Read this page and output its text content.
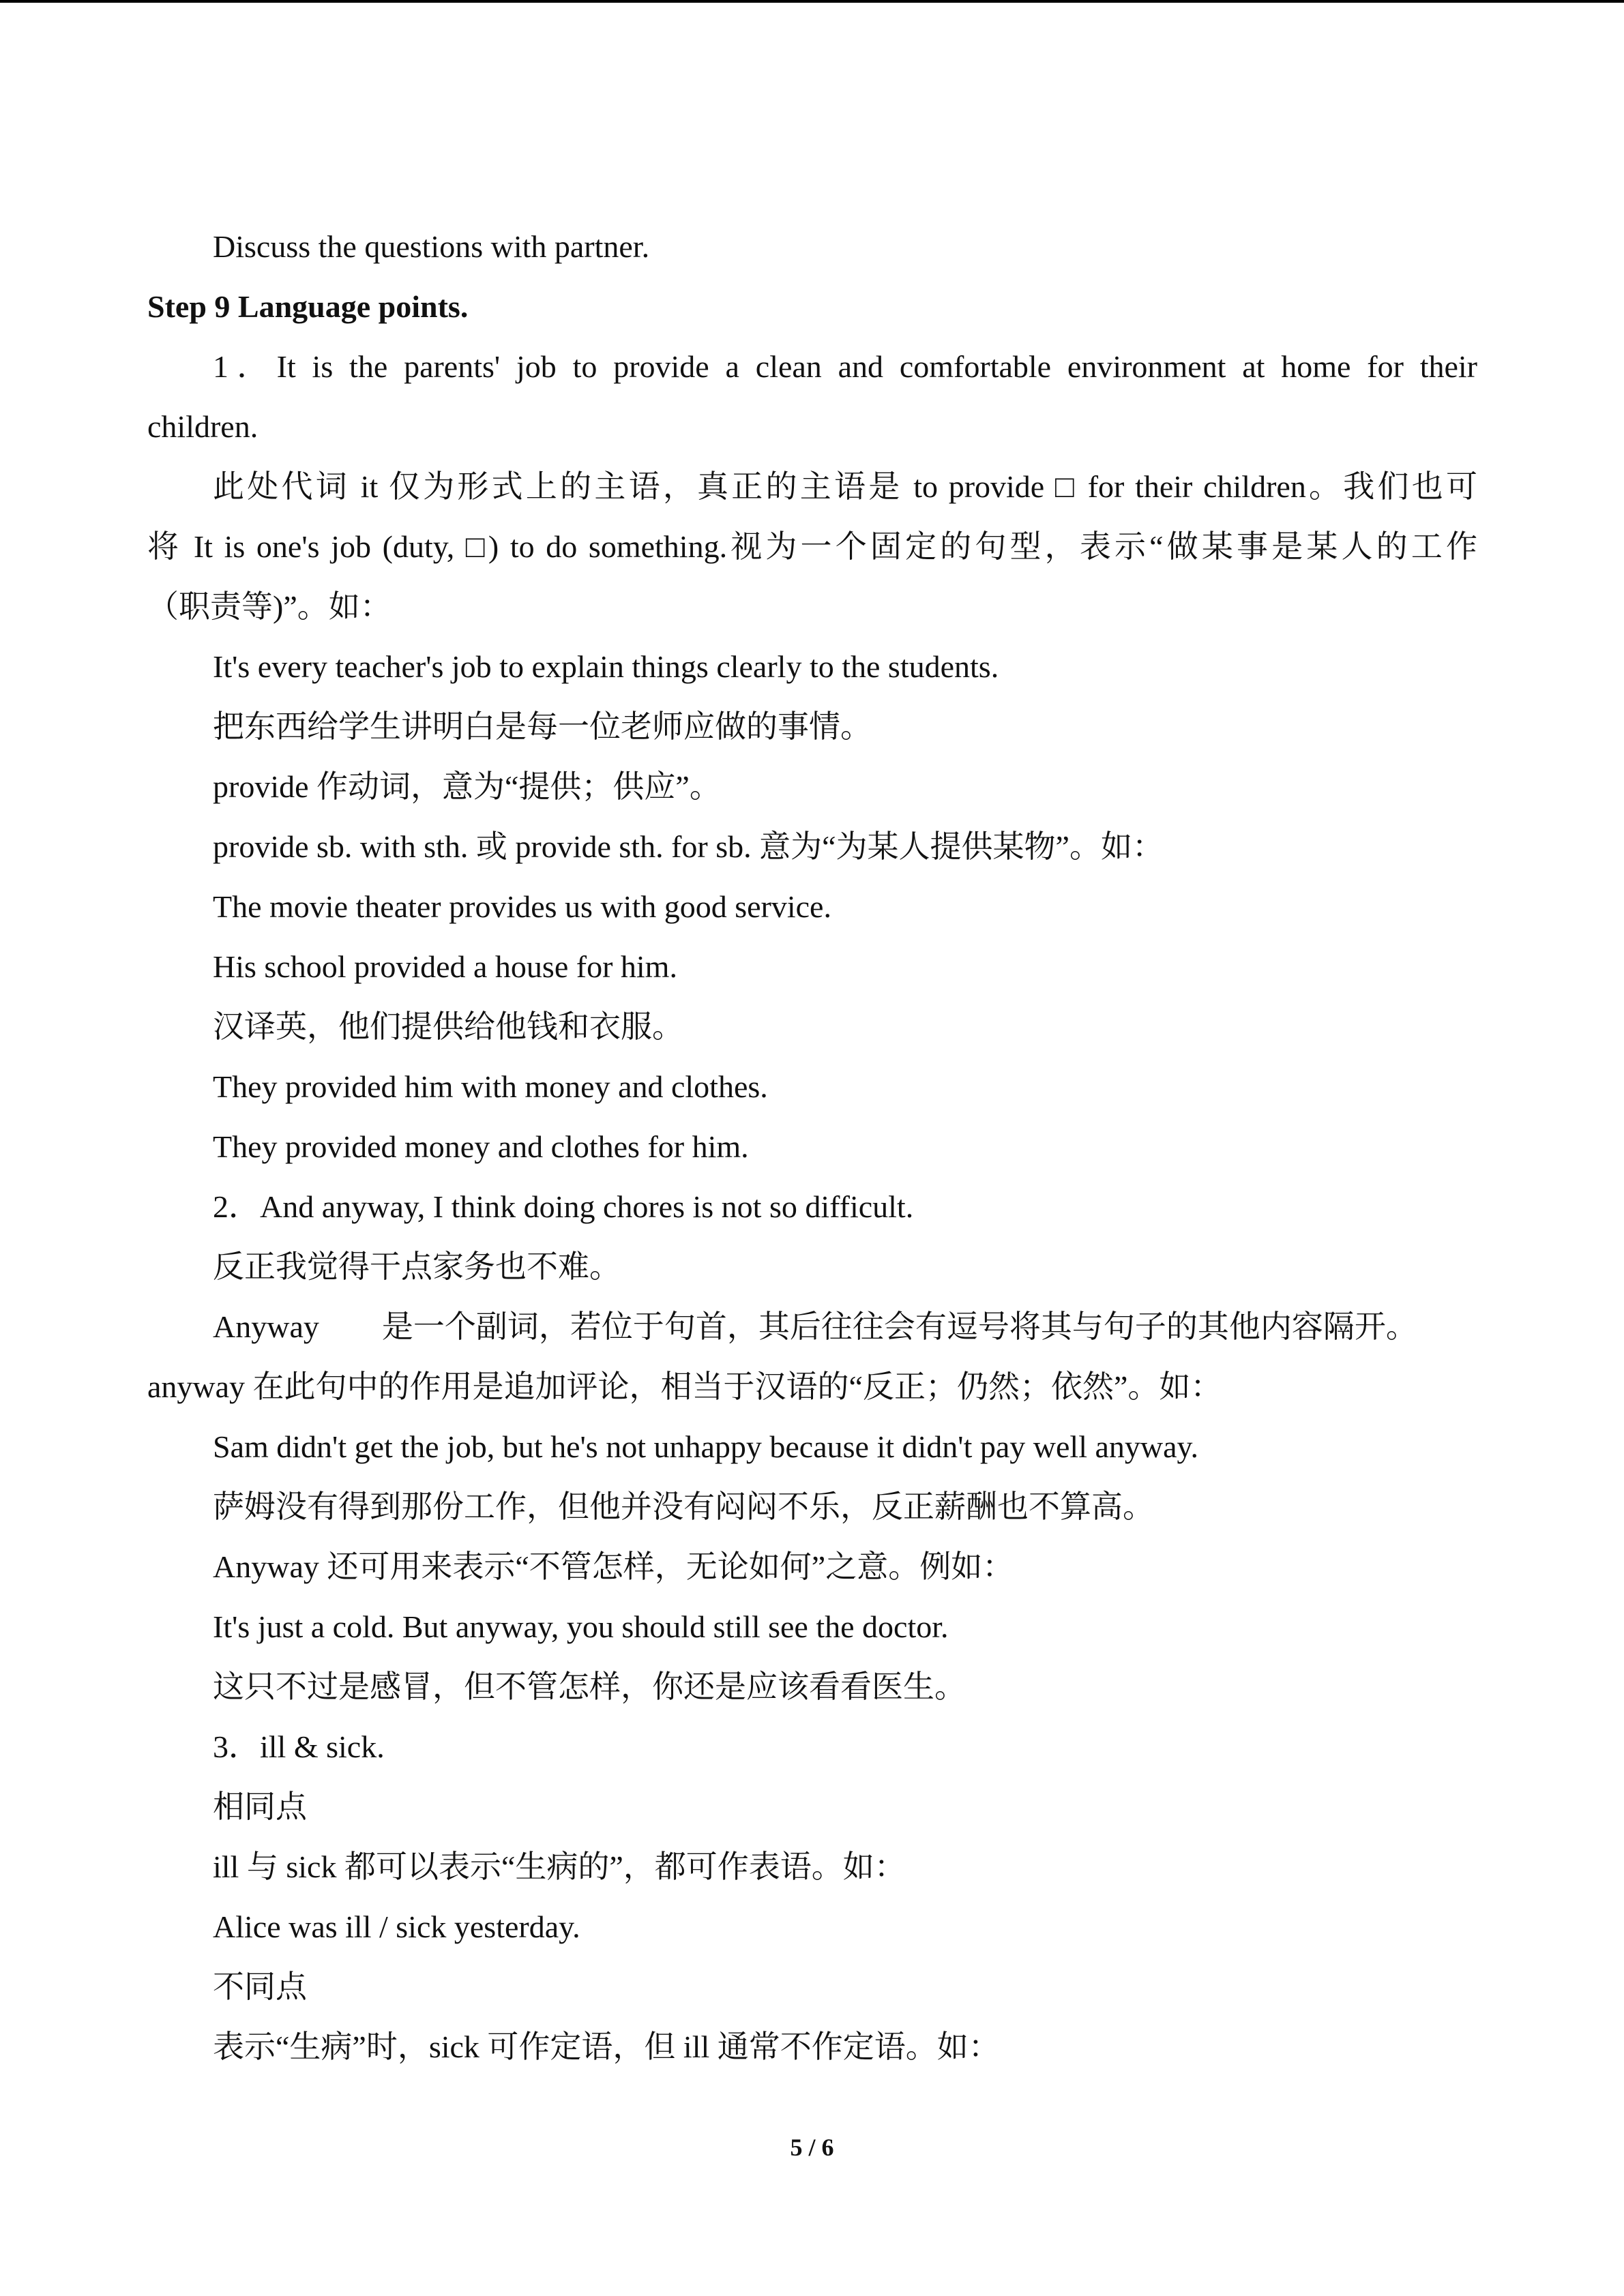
Discuss the questions with partner.
Step 9 Language points.
1．It is the parents' job to provide a clean and comfortable environment at home for their
children.
此处代词 it 仅为形式上的主语，真正的主语是 to provide □ for their children。我们也可
将 It is one's job (duty, □) to do something.视为一个固定的句型，表示“做某事是某人的工作
（职责等)”。如：
It's every teacher's job to explain things clearly to the students.
把东西给学生讲明白是每一位老师应做的事情。
provide 作动词，意为“提供；供应”。
provide sb. with sth. 或 provide sth. for sb. 意为“为某人提供某物”。如：
The movie theater provides us with good service.
His school provided a house for him.
汉译英，他们提供给他钱和衣服。
They provided him with money and clothes.
They provided money and clothes for him.
2．And anyway, I think doing chores is not so difficult.
反正我觉得干点家务也不难。
Anyway        是一个副词，若位于句首，其后往往会有逗号将其与句子的其他内容隔开。
anyway 在此句中的作用是追加评论，相当于汉语的“反正；仍然；依然”。如：
Sam didn't get the job, but he's not unhappy because it didn't pay well anyway.
萨姆没有得到那份工作，但他并没有闷闷不乐，反正薪酬也不算高。
Anyway 还可用来表示“不管怎样，无论如何”之意。例如：
It's just a cold. But anyway, you should still see the doctor.
这只不过是感冒，但不管怎样，你还是应该看看医生。
3．ill & sick.
相同点
ill 与 sick 都可以表示“生病的”，都可作表语。如：
Alice was ill / sick yesterday.
不同点
表示“生病”时，sick 可作定语，但 ill 通常不作定语。如：
5 / 6
